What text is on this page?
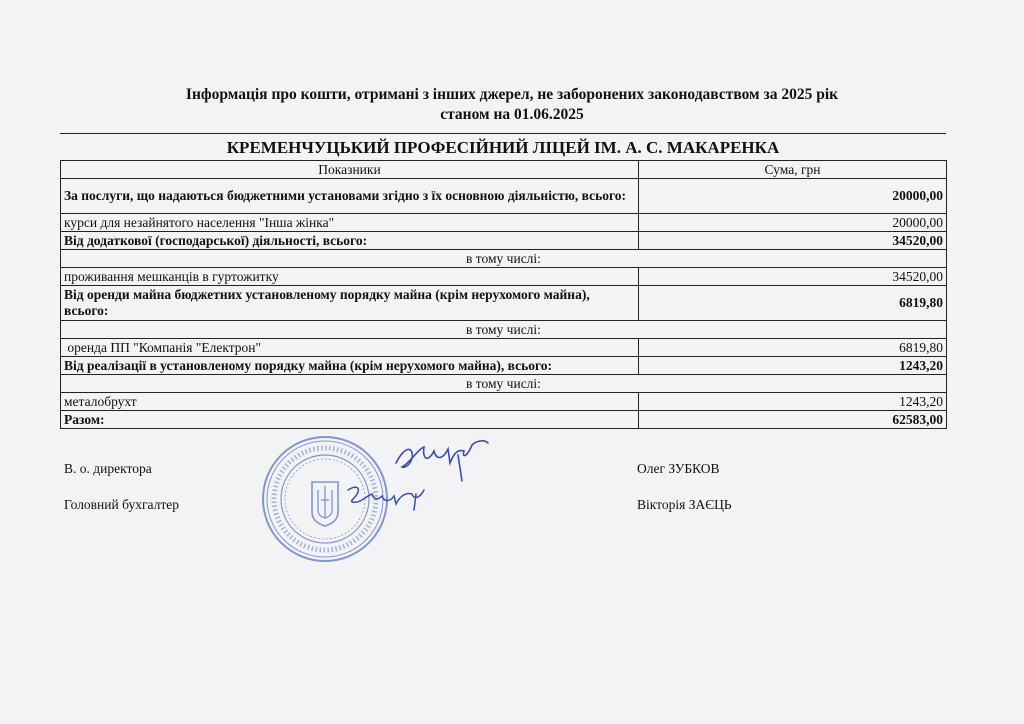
Інформація про кошти, отримані з інших джерел, не заборонених законодавством за 2025 рік
станом на 01.06.2025
КРЕМЕНЧУЦЬКИЙ ПРОФЕСІЙНИЙ ЛІЦЕЙ ІМ. А. С. МАКАРЕНКА
Показники	Сума, грн
За послуги, що надаються бюджетними установами згідно з їх основною діяльністю, всього:	20000,00
курси для незайнятого населення "Інша жінка"	20000,00
Від додаткової (господарської) діяльності, всього:	34520,00
в тому числі:	
проживання мешканців в гуртожитку	34520,00
Від оренди майна бюджетних установленому порядку майна (крім нерухомого майна), всього:	6819,80
в тому числі:	
оренда ПП "Компанія "Електрон"	6819,80
Від реалізації в установленому порядку майна (крім нерухомого майна), всього:	1243,20
в тому числі:	
металобрухт	1243,20
Разом:	62583,00
В. о. директора	Олег ЗУБКОВ
Головний бухгалтер	Вікторія ЗАЄЦЬ
